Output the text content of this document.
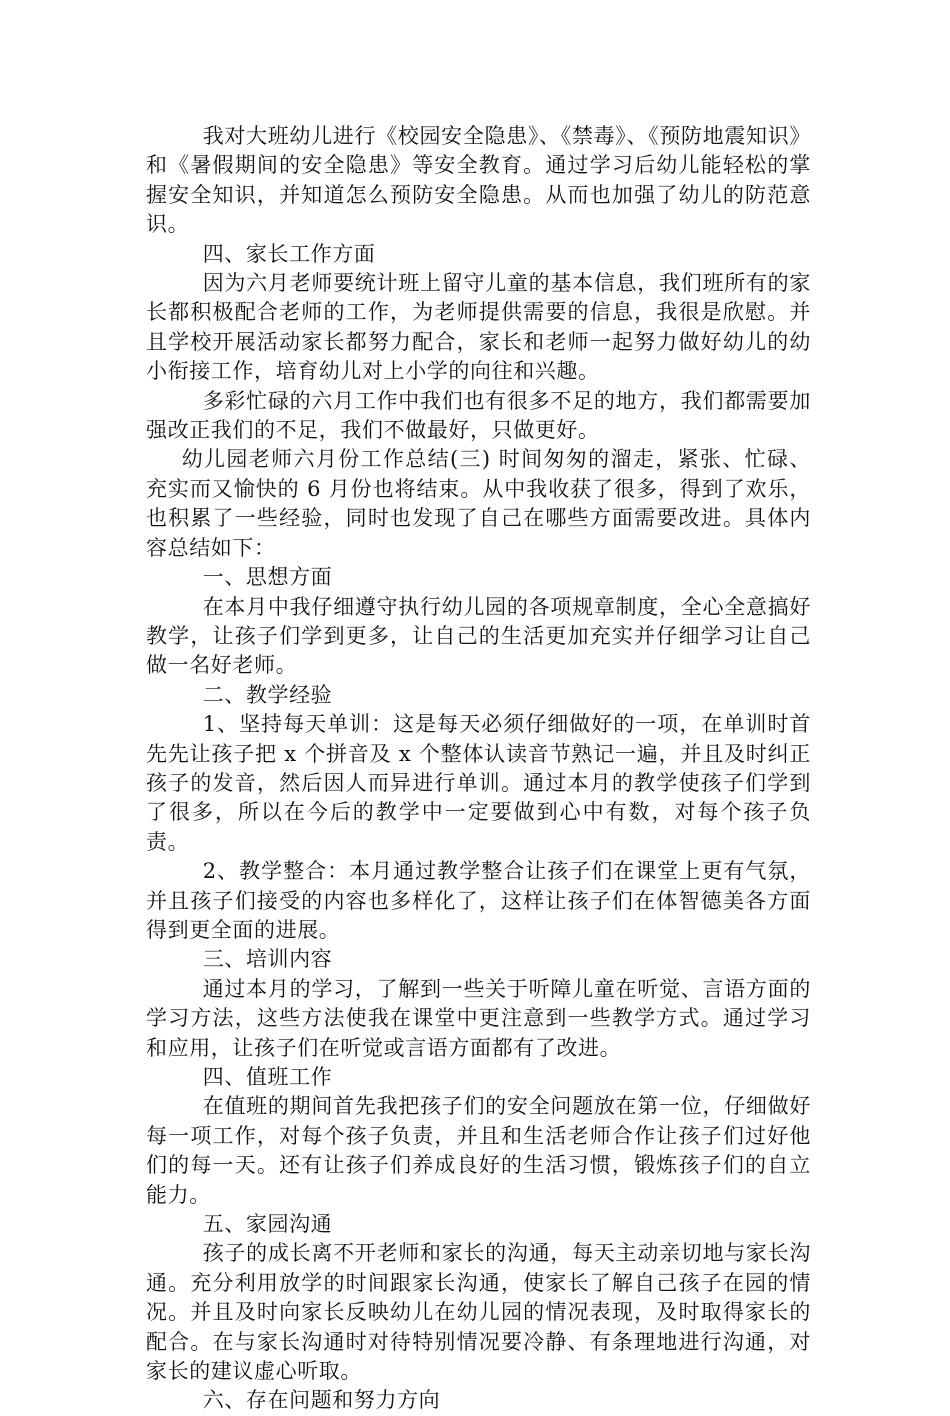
我对大班幼儿进行《校园安全隐患》、《禁毒》、《预防地震知识》和《暑假期间的安全隐患》等安全教育。通过学习后幼儿能轻松的掌握安全知识，并知道怎么预防安全隐患。从而也加强了幼儿的防范意识。

四、家长工作方面

因为六月老师要统计班上留守儿童的基本信息，我们班所有的家长都积极配合老师的工作，为老师提供需要的信息，我很是欣慰。并且学校开展活动家长都努力配合，家长和老师一起努力做好幼儿的幼小衔接工作，培育幼儿对上小学的向往和兴趣。

多彩忙碌的六月工作中我们也有很多不足的地方，我们都需要加强改正我们的不足，我们不做最好，只做更好。

幼儿园老师六月份工作总结(三) 时间匆匆的溜走，紧张、忙碌、充实而又愉快的 6 月份也将结束。从中我收获了很多，得到了欢乐，也积累了一些经验，同时也发现了自己在哪些方面需要改进。具体内容总结如下：

一、思想方面

在本月中我仔细遵守执行幼儿园的各项规章制度，全心全意搞好教学，让孩子们学到更多，让自己的生活更加充实并仔细学习让自己做一名好老师。

二、教学经验

1、坚持每天单训：这是每天必须仔细做好的一项，在单训时首先先让孩子把 x 个拼音及 x 个整体认读音节熟记一遍，并且及时纠正孩子的发音，然后因人而异进行单训。通过本月的教学使孩子们学到了很多，所以在今后的教学中一定要做到心中有数，对每个孩子负责。

2、教学整合：本月通过教学整合让孩子们在课堂上更有气氛，并且孩子们接受的内容也多样化了，这样让孩子们在体智德美各方面得到更全面的进展。

三、培训内容

通过本月的学习，了解到一些关于听障儿童在听觉、言语方面的学习方法，这些方法使我在课堂中更注意到一些教学方式。通过学习和应用，让孩子们在听觉或言语方面都有了改进。

四、值班工作

在值班的期间首先我把孩子们的安全问题放在第一位，仔细做好每一项工作，对每个孩子负责，并且和生活老师合作让孩子们过好他们的每一天。还有让孩子们养成良好的生活习惯，锻炼孩子们的自立能力。

五、家园沟通

孩子的成长离不开老师和家长的沟通，每天主动亲切地与家长沟通。充分利用放学的时间跟家长沟通，使家长了解自己孩子在园的情况。并且及时向家长反映幼儿在幼儿园的情况表现，及时取得家长的配合。在与家长沟通时对待特别情况要冷静、有条理地进行沟通，对家长的建议虚心听取。

六、存在问题和努力方向
